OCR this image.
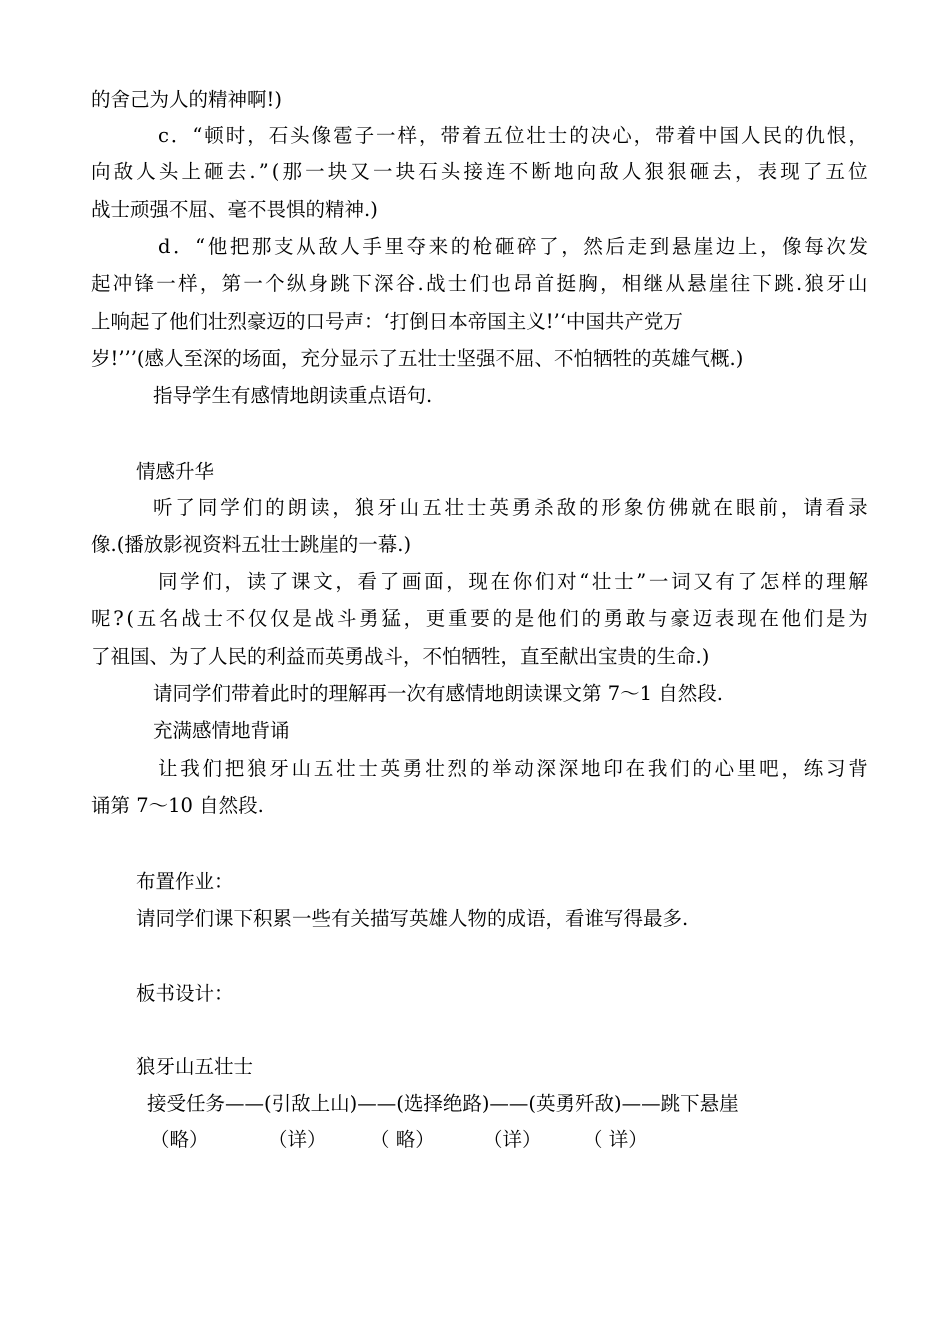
的舍己为人的精神啊!)
c ． “ 顿 时 ， 石 头 像 雹 子 一 样 ， 带 着 五 位 壮 士 的 决 心 ， 带 着 中 国 人 民 的 仇 恨 ，
向 敌 人 头 上 砸 去 . ” ( 那 一 块 又 一 块 石 头 接 连 不 断 地 向 敌 人 狠 狠 砸 去 ， 表 现 了 五 位
战士顽强不屈、毫不畏惧的精神.)
d ． “ 他 把 那 支 从 敌 人 手 里 夺 来 的 枪 砸 碎 了 ， 然 后 走 到 悬 崖 边 上 ， 像 每 次 发
起 冲 锋 一 样 ， 第 一 个 纵 身 跳 下 深 谷 . 战 士 们 也 昂 首 挺 胸 ， 相 继 从 悬 崖 往 下 跳 . 狼 牙 山
上响起了他们壮烈豪迈的口号声：‘打倒日本帝国主义!’‘中国共产党万
岁!’’’(感人至深的场面，充分显示了五壮士坚强不屈、不怕牺牲的英雄气概.)
指导学生有感情地朗读重点语句.
情感升华
听 了 同 学 们 的 朗 读 ， 狼 牙 山 五 壮 士 英 勇 杀 敌 的 形 象 仿 佛 就 在 眼 前 ， 请 看 录
像.(播放影视资料五壮士跳崖的一幕.)
同 学 们 ， 读 了 课 文 ， 看 了 画 面 ， 现 在 你 们 对 “ 壮 士 ” 一 词 又 有 了 怎 样 的 理 解
呢 ? ( 五 名 战 士 不 仅 仅 是 战 斗 勇 猛 ， 更 重 要 的 是 他 们 的 勇 敢 与 豪 迈 表 现 在 他 们 是 为
了祖国、为了人民的利益而英勇战斗，不怕牺牲，直至献出宝贵的生命.)
请同学们带着此时的理解再一次有感情地朗读课文第 7～1 自然段.
充满感情地背诵
让 我 们 把 狼 牙 山 五 壮 士 英 勇 壮 烈 的 举 动 深 深 地 印 在 我 们 的 心 里 吧 ， 练 习 背
诵第 7～10 自然段.
布置作业：
请同学们课下积累一些有关描写英雄人物的成语，看谁写得最多.
板书设计：
狼牙山五壮士
接受任务——(引敌上山)——(选择绝路)——(英勇歼敌)——跳下悬崖
（略）	（详） （ 略） （详） （ 详）
